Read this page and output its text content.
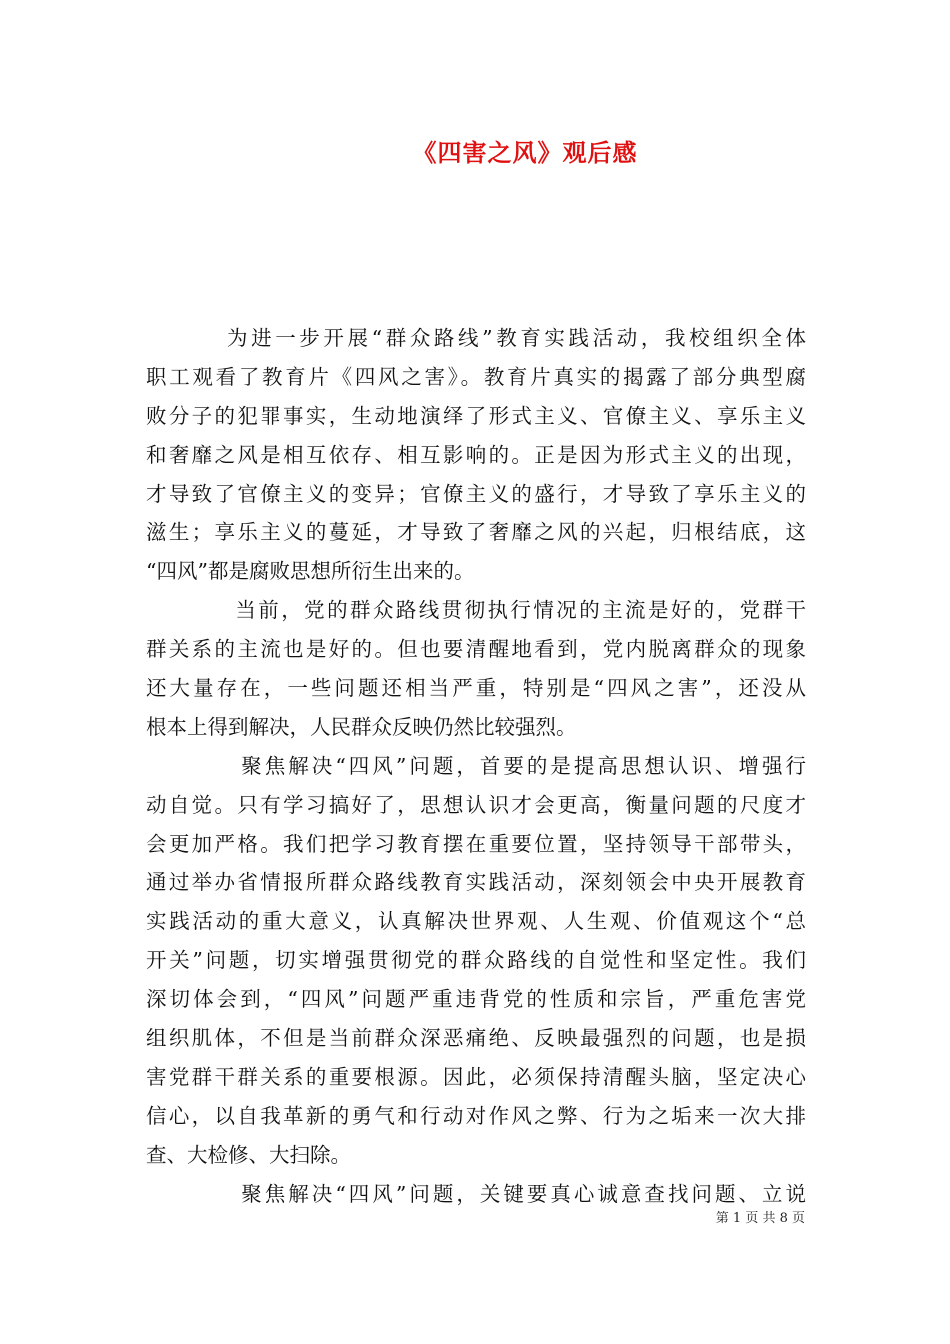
《四害之风》观后感
为进一步开展“群众路线”教育实践活动，我校组织全体
职工观看了教育片《四风之害》。教育片真实的揭露了部分典型腐
败分子的犯罪事实，生动地演绎了形式主义、官僚主义、享乐主义
和奢靡之风是相互依存、相互影响的。正是因为形式主义的出现，
才导致了官僚主义的变异；官僚主义的盛行，才导致了享乐主义的
滋生；享乐主义的蔓延，才导致了奢靡之风的兴起，归根结底，这
“四风”都是腐败思想所衍生出来的。
当前，党的群众路线贯彻执行情况的主流是好的，党群干
群关系的主流也是好的。但也要清醒地看到，党内脱离群众的现象
还大量存在，一些问题还相当严重，特别是“四风之害”，还没从
根本上得到解决，人民群众反映仍然比较强烈。
聚焦解决“四风”问题，首要的是提高思想认识、增强行
动自觉。只有学习搞好了，思想认识才会更高，衡量问题的尺度才
会更加严格。我们把学习教育摆在重要位置，坚持领导干部带头，
通过举办省情报所群众路线教育实践活动，深刻领会中央开展教育
实践活动的重大意义，认真解决世界观、人生观、价值观这个“总
开关”问题，切实增强贯彻党的群众路线的自觉性和坚定性。我们
深切体会到，“四风”问题严重违背党的性质和宗旨，严重危害党
组织肌体，不但是当前群众深恶痛绝、反映最强烈的问题，也是损
害党群干群关系的重要根源。因此，必须保持清醒头脑，坚定决心
信心，以自我革新的勇气和行动对作风之弊、行为之垢来一次大排
查、大检修、大扫除。
聚焦解决“四风”问题，关键要真心诚意查找问题、立说
第 1 页 共 8 页
